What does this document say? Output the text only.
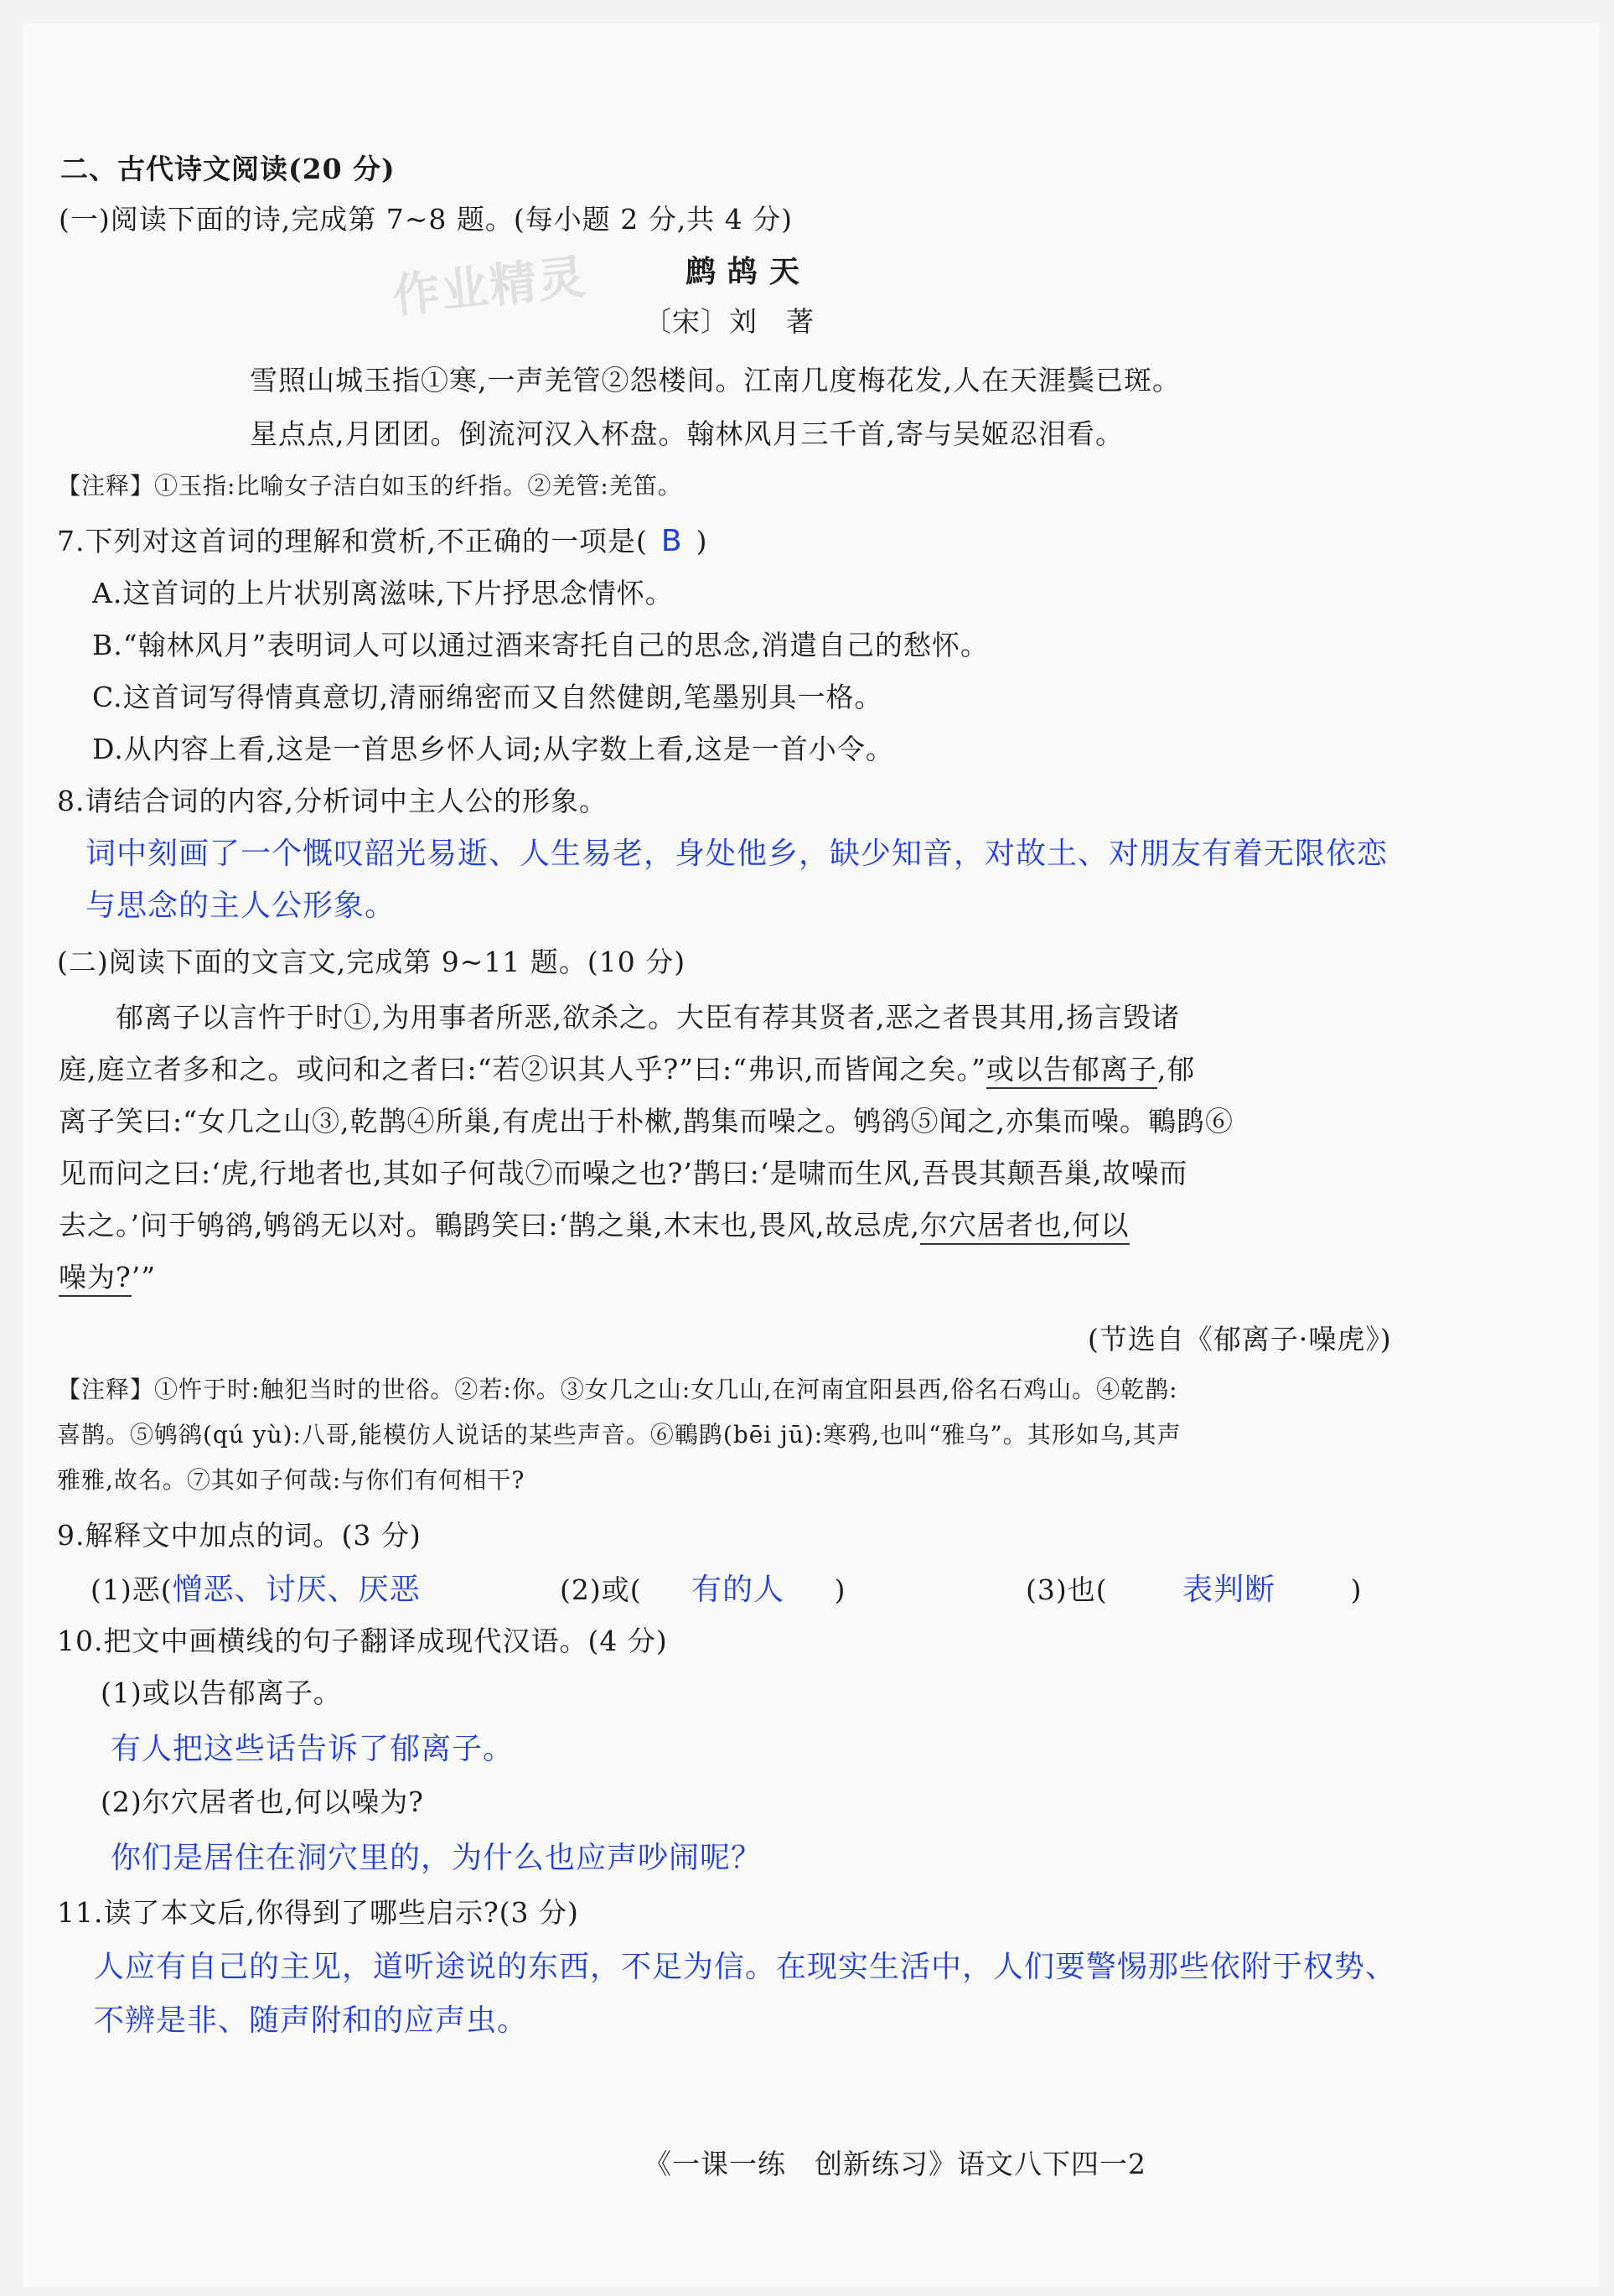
作业精灵
二、古代诗文阅读(20 分)
(一)阅读下面的诗,完成第 7~8 题。(每小题 2 分,共 4 分)
鹧鸪天
〔宋〕刘　著
雪照山城玉指①寒,一声羌管②怨楼间。江南几度梅花发,人在天涯鬓已斑。
星点点,月团团。倒流河汉入杯盘。翰林风月三千首,寄与吴姬忍泪看。
【注释】①玉指:比喻女子洁白如玉的纤指。②羌管:羌笛。
7.下列对这首词的理解和赏析,不正确的一项是( B )
A.这首词的上片状别离滋味,下片抒思念情怀。
B.“翰林风月”表明词人可以通过酒来寄托自己的思念,消遣自己的愁怀。
C.这首词写得情真意切,清丽绵密而又自然健朗,笔墨别具一格。
D.从内容上看,这是一首思乡怀人词;从字数上看,这是一首小令。
8.请结合词的内容,分析词中主人公的形象。
词中刻画了一个慨叹韶光易逝、人生易老，身处他乡，缺少知音，对故土、对朋友有着无限依恋
与思念的主人公形象。
(二)阅读下面的文言文,完成第 9~11 题。(10 分)
郁离子以言忤于时①,为用事者所恶,欲杀之。大臣有荐其贤者,恶之者畏其用,扬言毁诸
庭,庭立者多和之。或问和之者曰:“若②识其人乎?”曰:“弗识,而皆闻之矣。”或以告郁离子,郁
离子笑曰:“女几之山③,乾鹊④所巢,有虎出于朴樕,鹊集而噪之。鸲鹆⑤闻之,亦集而噪。鶤鹍⑥
见而问之曰:‘虎,行地者也,其如子何哉⑦而噪之也?’鹊曰:‘是啸而生风,吾畏其颠吾巢,故噪而
去之。’问于鸲鹆,鸲鹆无以对。鶤鹍笑曰:‘鹊之巢,木末也,畏风,故忌虎,尔穴居者也,何以
噪为?’”
(节选自《郁离子·噪虎》)
【注释】①忤于时:触犯当时的世俗。②若:你。③女几之山:女几山,在河南宜阳县西,俗名石鸡山。④乾鹊:
喜鹊。⑤鸲鹆(qú yù):八哥,能模仿人说话的某些声音。⑥鶤鹍(bēi jū):寒鸦,也叫“雅乌”。其形如乌,其声
雅雅,故名。⑦其如子何哉:与你们有何相干?
9.解释文中加点的词。(3 分)
(1)恶(憎恶、讨厌、厌恶	(2)或( 有的人 )	(3)也( 表判断	)
10.把文中画横线的句子翻译成现代汉语。(4 分)
(1)或以告郁离子。
有人把这些话告诉了郁离子。
(2)尔穴居者也,何以噪为?
你们是居住在洞穴里的，为什么也应声吵闹呢？
11.读了本文后,你得到了哪些启示?(3 分)
人应有自己的主见，道听途说的东西，不足为信。在现实生活中，人们要警惕那些依附于权势、
不辨是非、随声附和的应声虫。
《一课一练　创新练习》语文八下四一2
